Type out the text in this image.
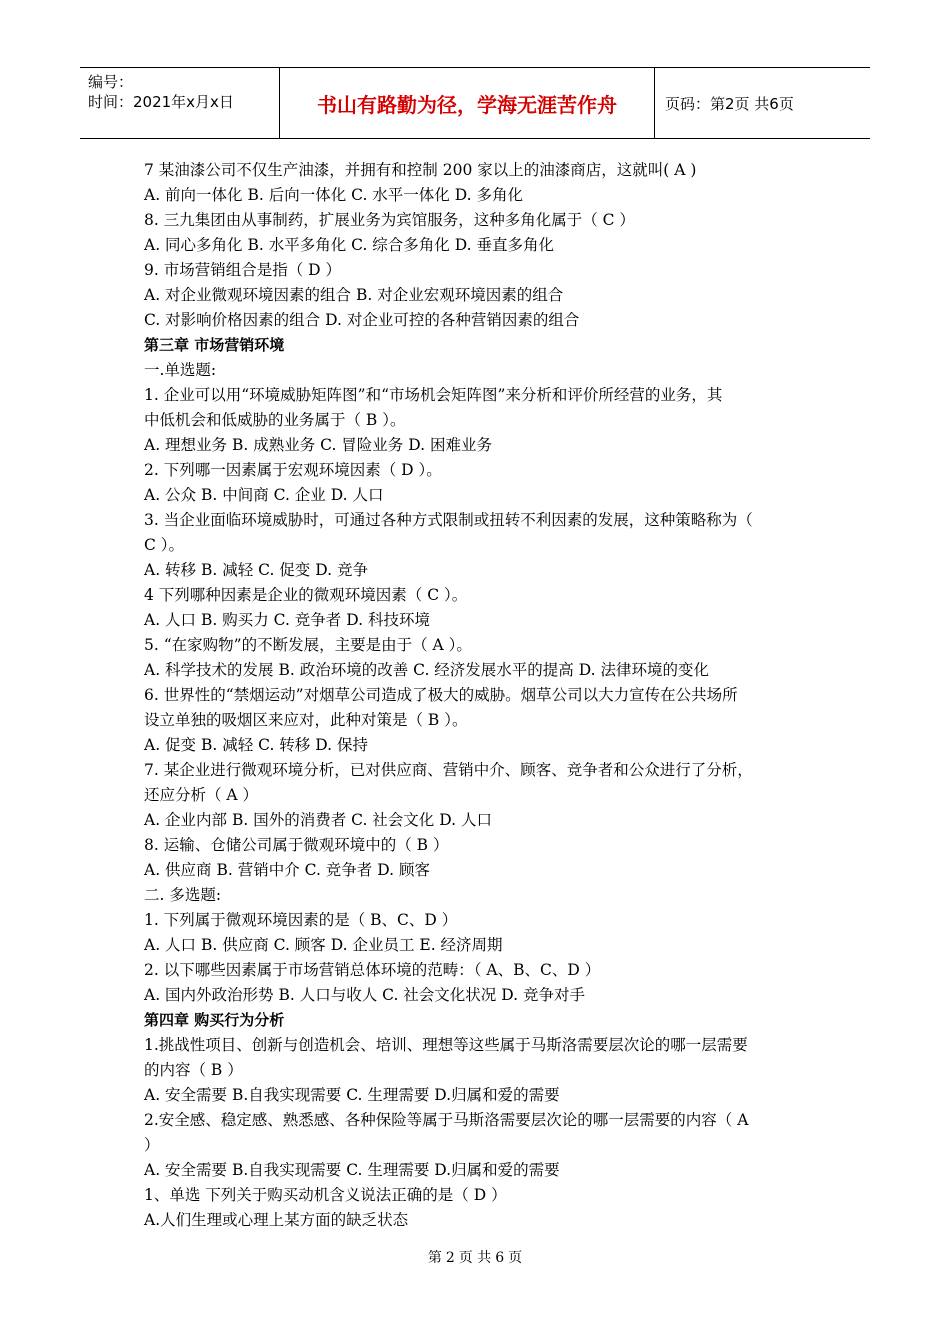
编号：
时间：2021年x月x日	书山有路勤为径，学海无涯苦作舟	页码：第2页 共6页
7 某油漆公司不仅生产油漆，并拥有和控制 200 家以上的油漆商店，这就叫( A )
A. 前向一体化 B. 后向一体化 C. 水平一体化 D. 多角化
8. 三九集团由从事制药，扩展业务为宾馆服务，这种多角化属于（ C ）
A. 同心多角化 B. 水平多角化 C. 综合多角化 D. 垂直多角化
9. 市场营销组合是指（ D ）
A. 对企业微观环境因素的组合 B. 对企业宏观环境因素的组合
C. 对影响价格因素的组合 D. 对企业可控的各种营销因素的组合
第三章 市场营销环境
一.单选题:
1. 企业可以用“环境威胁矩阵图”和“市场机会矩阵图”来分析和评价所经营的业务，其
中低机会和低威胁的业务属于（ B ）。
A. 理想业务 B. 成熟业务 C. 冒险业务 D. 困难业务
2. 下列哪一因素属于宏观环境因素（ D ）。
A. 公众 B. 中间商 C. 企业 D. 人口
3. 当企业面临环境威胁时，可通过各种方式限制或扭转不利因素的发展，这种策略称为（
C ）。
A. 转移 B. 减轻 C. 促变 D. 竞争
4 下列哪种因素是企业的微观环境因素（ C ）。
A. 人口 B. 购买力 C. 竞争者 D. 科技环境
5. “在家购物”的不断发展，主要是由于（ A ）。
A. 科学技术的发展 B. 政治环境的改善 C. 经济发展水平的提高 D. 法律环境的变化
6. 世界性的“禁烟运动”对烟草公司造成了极大的威胁。烟草公司以大力宣传在公共场所
设立单独的吸烟区来应对，此种对策是（ B ）。
A. 促变 B. 减轻 C. 转移 D. 保持
7. 某企业进行微观环境分析，已对供应商、营销中介、顾客、竞争者和公众进行了分析，
还应分析（ A ）
A. 企业内部 B. 国外的消费者 C. 社会文化 D. 人口
8. 运输、仓储公司属于微观环境中的（ B ）
A. 供应商 B. 营销中介 C. 竞争者 D. 顾客
二. 多选题:
1. 下列属于微观环境因素的是（ B、C、D ）
A. 人口 B. 供应商 C. 顾客 D. 企业员工 E. 经济周期
2. 以下哪些因素属于市场营销总体环境的范畴：（ A、B、C、D ）
A. 国内外政治形势 B. 人口与收人 C. 社会文化状况 D. 竞争对手
第四章 购买行为分析
1.挑战性项目、创新与创造机会、培训、理想等这些属于马斯洛需要层次论的哪一层需要
的内容（ B ）
A. 安全需要 B.自我实现需要 C. 生理需要 D.归属和爱的需要
2.安全感、稳定感、熟悉感、各种保险等属于马斯洛需要层次论的哪一层需要的内容（ A
）
A. 安全需要 B.自我实现需要 C. 生理需要 D.归属和爱的需要
1、单选 下列关于购买动机含义说法正确的是（ D ）
A.人们生理或心理上某方面的缺乏状态
第 2 页 共 6 页
